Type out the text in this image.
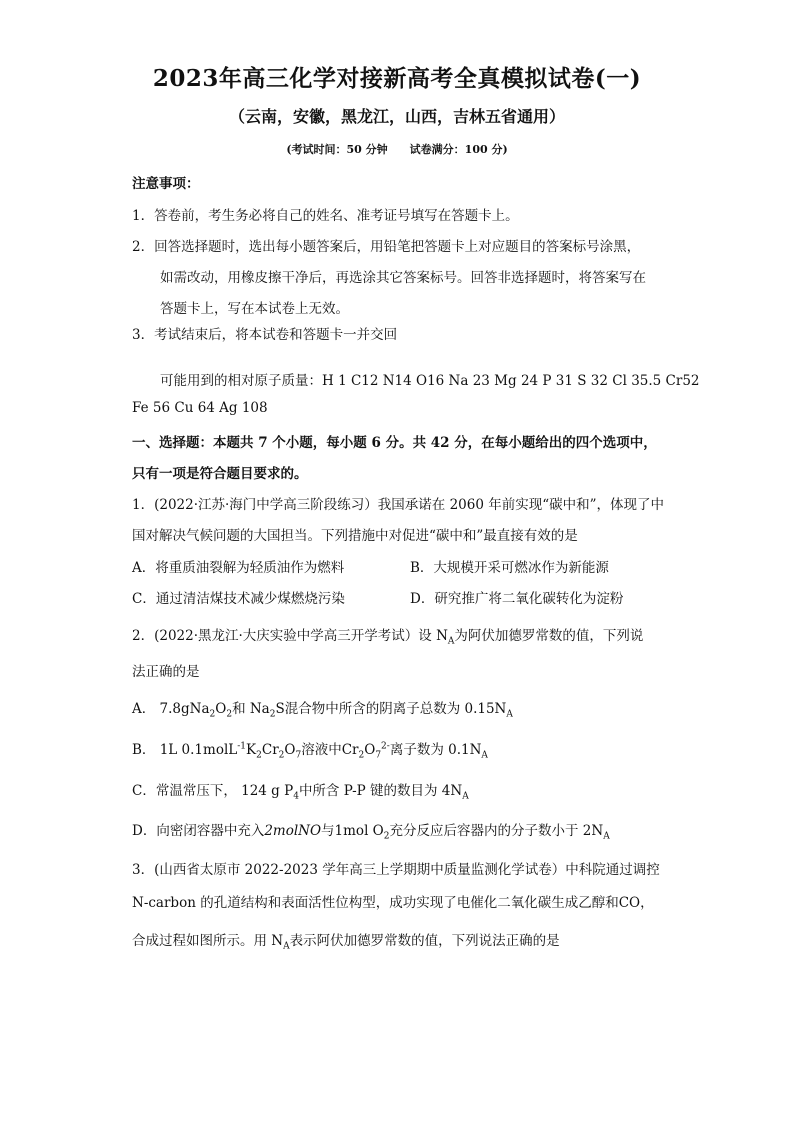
2023年高三化学对接新高考全真模拟试卷(一)
（云南，安徽，黑龙江，山西，吉林五省通用）
(考试时间：50 分钟 试卷满分：100 分)
注意事项：
1．答卷前，考生务必将自己的姓名、准考证号填写在答题卡上。
2．回答选择题时，选出每小题答案后，用铅笔把答题卡上对应题目的答案标号涂黑，
如需改动，用橡皮擦干净后，再选涂其它答案标号。回答非选择题时，将答案写在
答题卡上，写在本试卷上无效。
3．考试结束后，将本试卷和答题卡一并交回
可能用到的相对原子质量：H 1 C12 N14 O16 Na 23 Mg 24 P 31 S 32 Cl 35.5 Cr52
Fe 56 Cu 64 Ag 108
一、选择题：本题共 7 个小题，每小题 6 分。共 42 分，在每小题给出的四个选项中，
只有一项是符合题目要求的。
1．(2022·江苏·海门中学高三阶段练习）我国承诺在 2060 年前实现“碳中和”，体现了中
国对解决气候问题的大国担当。下列措施中对促进“碳中和”最直接有效的是
A．将重质油裂解为轻质油作为燃料	B．大规模开采可燃冰作为新能源
C．通过清洁煤技术减少煤燃烧污染	D．研究推广将二氧化碳转化为淀粉
2．(2022·黑龙江·大庆实验中学高三开学考试）设 $N_A$为阿伏加德罗常数的值，下列说
法正确的是
A． $7.8gNa_2O_2$和 $Na_2S$混合物中所含的阴离子总数为 $0.15N_A$
B． 1L $0.1molL^{-1}K_2Cr_2O_7$溶液中$Cr_2O_7^{2-}$离子数为 $0.1N_A$
C．常温常压下， 124 g $P_4$中所含 P-P 键的数目为 $4N_A$
D．向密闭容器中充入2molNO与1mol $O_2$充分反应后容器内的分子数小于 $2N_A$
3．(山西省太原市 2022-2023 学年高三上学期期中质量监测化学试卷）中科院通过调控
N-carbon 的孔道结构和表面活性位构型，成功实现了电催化二氧化碳生成乙醇和CO，
合成过程如图所示。用 $N_A$表示阿伏加德罗常数的值，下列说法正确的是
